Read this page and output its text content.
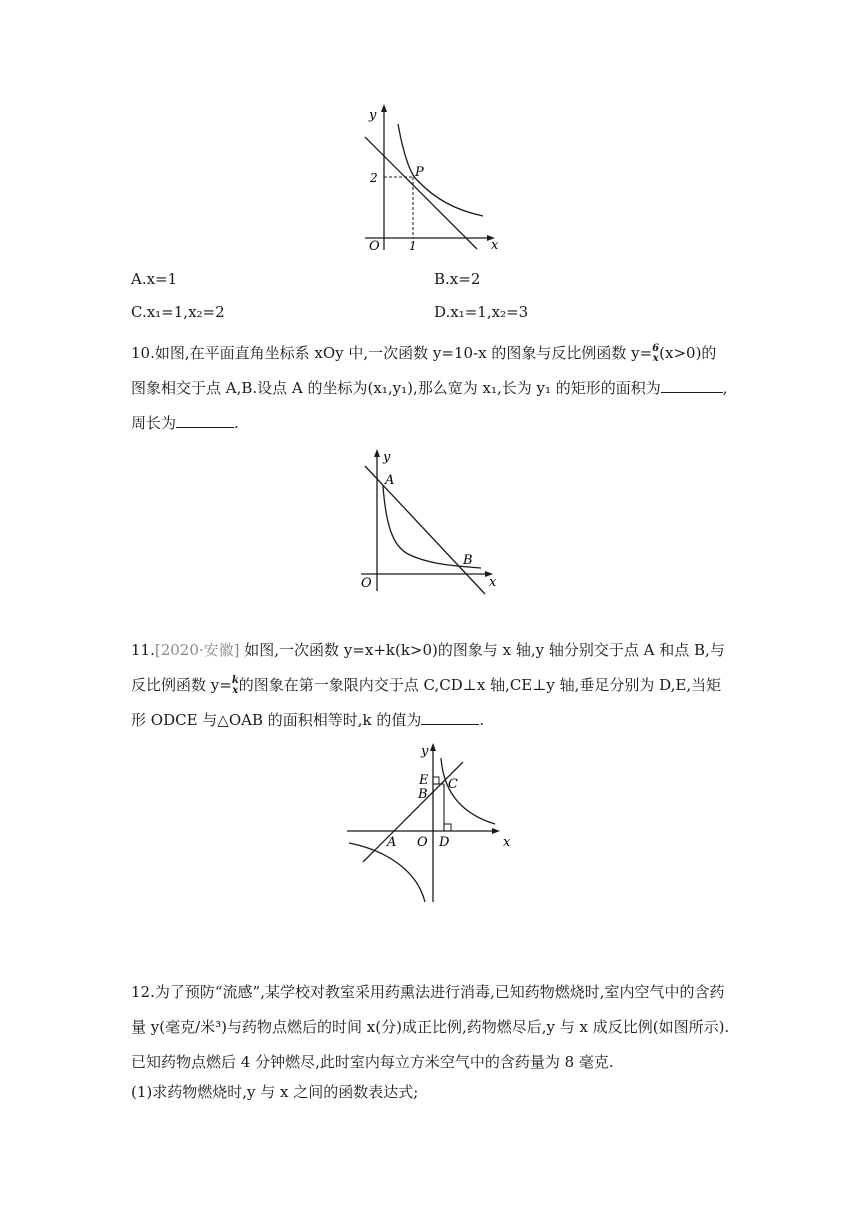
y
x
O 1
2	P
A.x=1	B.x=2
C.x₁=1,x₂=2	D.x₁=1,x₂=3
10.如图,在平面直角坐标系 xOy 中,一次函数 y=10-x 的图象与反比例函数 y= 6
x (x>0)的图象相交于点 A,B.设点 A 的坐标为(x₁,y₁),那么宽为 x₁,长为 y₁ 的矩形的面积为	,周长为	.
y
x
O
A
B
11.[2020·安徽] 如图,一次函数 y=x+k(k>0)的图象与 x 轴,y 轴分别交于点 A 和点 B,与反比例函数 y= k
x 的图象在第一象限内交于点 C,CD⊥x 轴,CE⊥y 轴,垂足分别为 D,E,当矩形 ODCE 与△OAB 的面积相等时,k 的值为	.
y
x
O
A
B
C
D
E
12.为了预防“流感”,某学校对教室采用药熏法进行消毒,已知药物燃烧时,室内空气中的含药量 y(毫克/米³)与药物点燃后的时间 x(分)成正比例,药物燃尽后,y 与 x 成反比例(如图所示).已知药物点燃后 4 分钟燃尽,此时室内每立方米空气中的含药量为 8 毫克.
(1)求药物燃烧时,y 与 x 之间的函数表达式;
